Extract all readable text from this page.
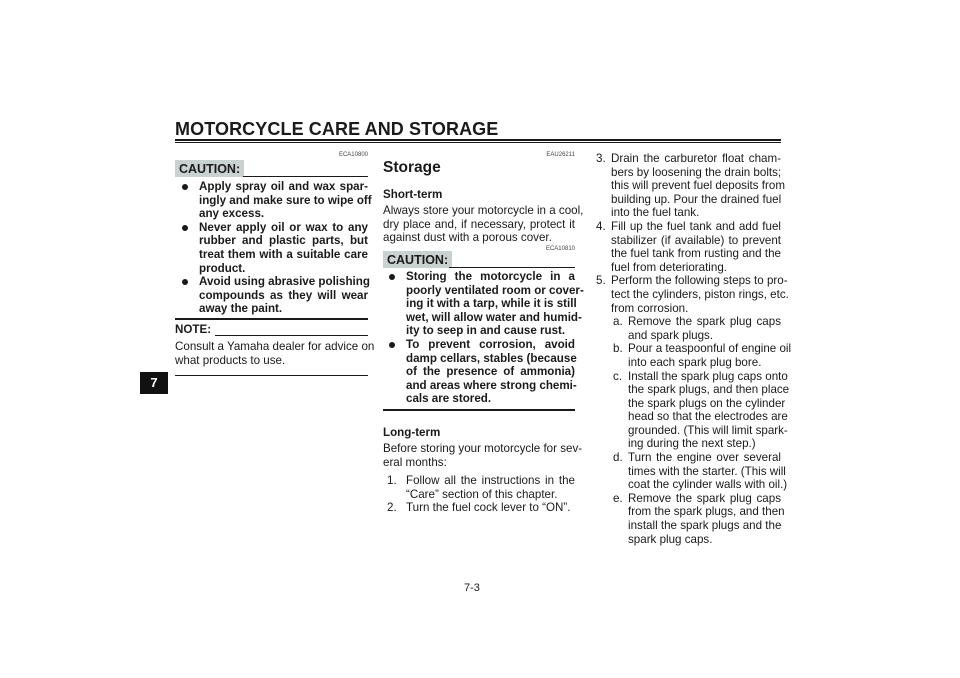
MOTORCYCLE CARE AND STORAGE
7
7-3
ECA10800
CAUTION:
Apply spray oil and wax spar-
ingly and make sure to wipe off
any excess.
Never apply oil or wax to any
rubber and plastic parts, but
treat them with a suitable care
product.
Avoid using abrasive polishing
compounds as they will wear
away the paint.
NOTE:
Consult a Yamaha dealer for advice on
what products to use.
EAU26211
Storage
Short-term
Always store your motorcycle in a cool,
dry place and, if necessary, protect it
against dust with a porous cover.
ECA10810
CAUTION:
Storing the motorcycle in a
poorly ventilated room or cover-
ing it with a tarp, while it is still
wet, will allow water and humid-
ity to seep in and cause rust.
To prevent corrosion, avoid
damp cellars, stables (because
of the presence of ammonia)
and areas where strong chemi-
cals are stored.
Long-term
Before storing your motorcycle for sev-
eral months:
1. Follow all the instructions in the
“Care” section of this chapter.
2. Turn the fuel cock lever to “ON”.
3. Drain the carburetor float cham-
bers by loosening the drain bolts;
this will prevent fuel deposits from
building up. Pour the drained fuel
into the fuel tank.
4. Fill up the fuel tank and add fuel
stabilizer (if available) to prevent
the fuel tank from rusting and the
fuel from deteriorating.
5. Perform the following steps to pro-
tect the cylinders, piston rings, etc.
from corrosion.
a. Remove the spark plug caps
and spark plugs.
b. Pour a teaspoonful of engine oil
into each spark plug bore.
c. Install the spark plug caps onto
the spark plugs, and then place
the spark plugs on the cylinder
head so that the electrodes are
grounded. (This will limit spark-
ing during the next step.)
d. Turn the engine over several
times with the starter. (This will
coat the cylinder walls with oil.)
e. Remove the spark plug caps
from the spark plugs, and then
install the spark plugs and the
spark plug caps.
